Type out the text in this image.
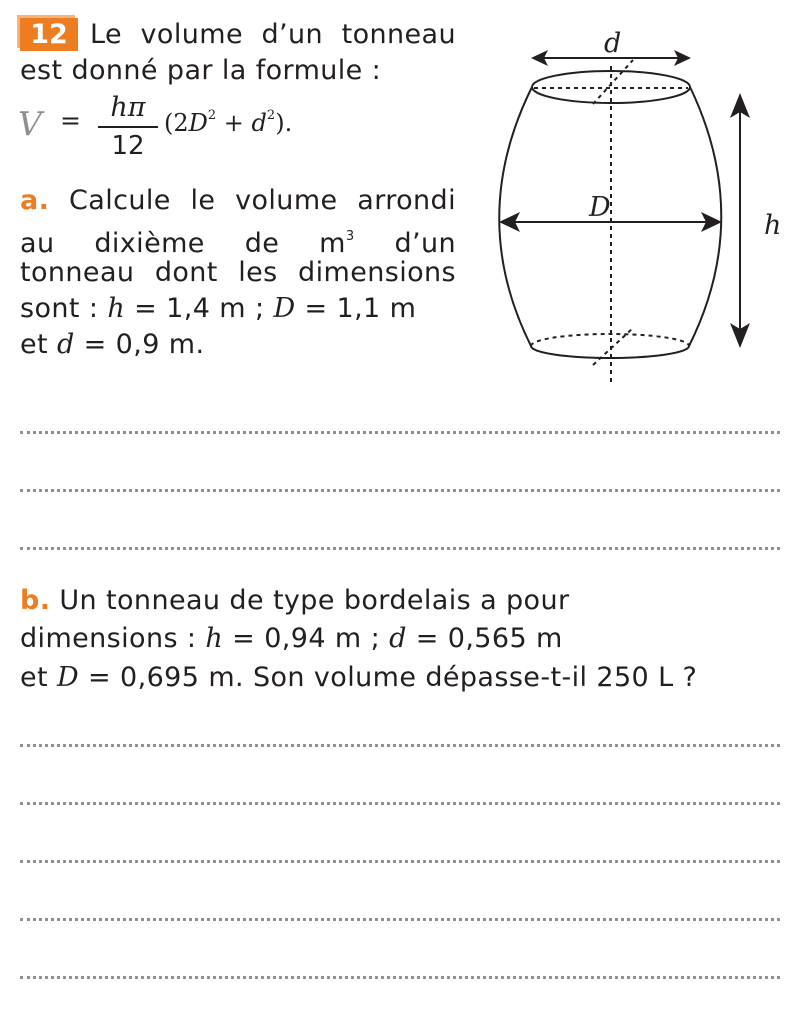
12 Le volume d’un tonneau
est donné par la formule :
V =	hπ
12
$(2D^2 + d^2)$.
a. Calcule le volume arrondi
au dixième de $m^3$ d’un
tonneau dont les dimensions
sont : h = 1,4 m ; D = 1,1 m
et d = 0,9 m.
b. Un tonneau de type bordelais a pour
dimensions : h = 0,94 m ; d = 0,565 m
et D = 0,695 m. Son volume dépasse-t-il 250 L ?
d
D
h
